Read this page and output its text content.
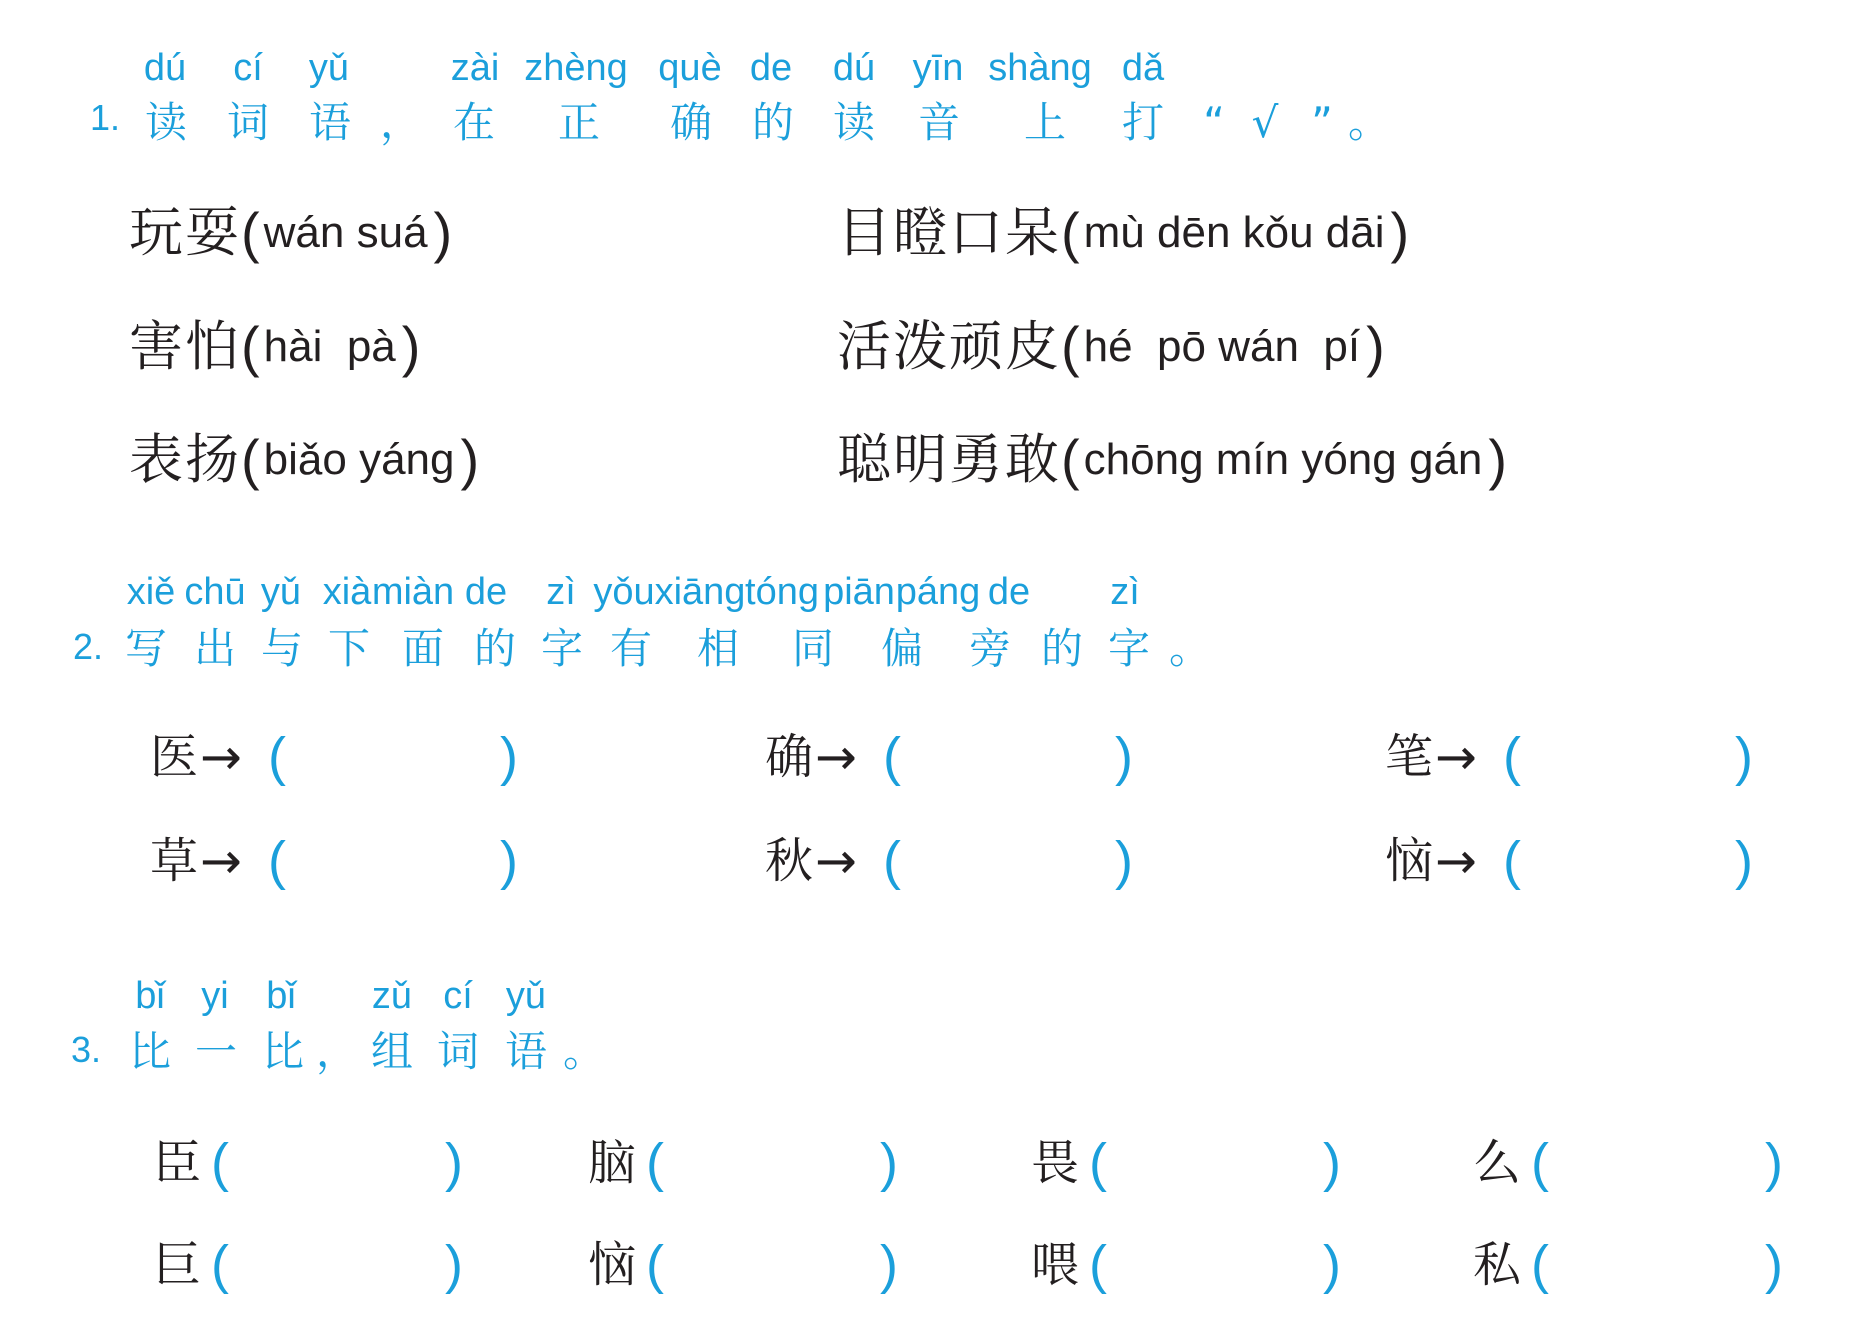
dú cí yǔ	zài zhèng què de dú yīn shàng dǎ
1. 读 词 语 ， 在 正 确 的 读 音 上 打 “ √ ” 。
玩耍 ( wán suá )	目瞪口呆 ( mù dēn kǒu dāi )
害怕 ( hài  pà )	活泼顽皮 ( hé  pō wán  pí )
表扬 ( biǎo yáng )	聪明勇敢 ( chōng mín yóng gán )
xiě chū yǔ xià miàn de zì yǒu xiāng tóng piān páng de zì
2. 写 出 与 下 面 的 字 有 相 同 偏 旁 的 字 。
医 → (	)	确 → (	)	笔 → (	)
草 → (	)	秋 → (	)	恼 → (	)
bǐ yi bǐ zǔ cí yǔ
3. 比 一 比 ， 组 词 语 。
臣 (	)	脑 (	)	畏 (	)	么 (	)
巨 (	)	恼 (	)	喂 (	)	私 (	)
